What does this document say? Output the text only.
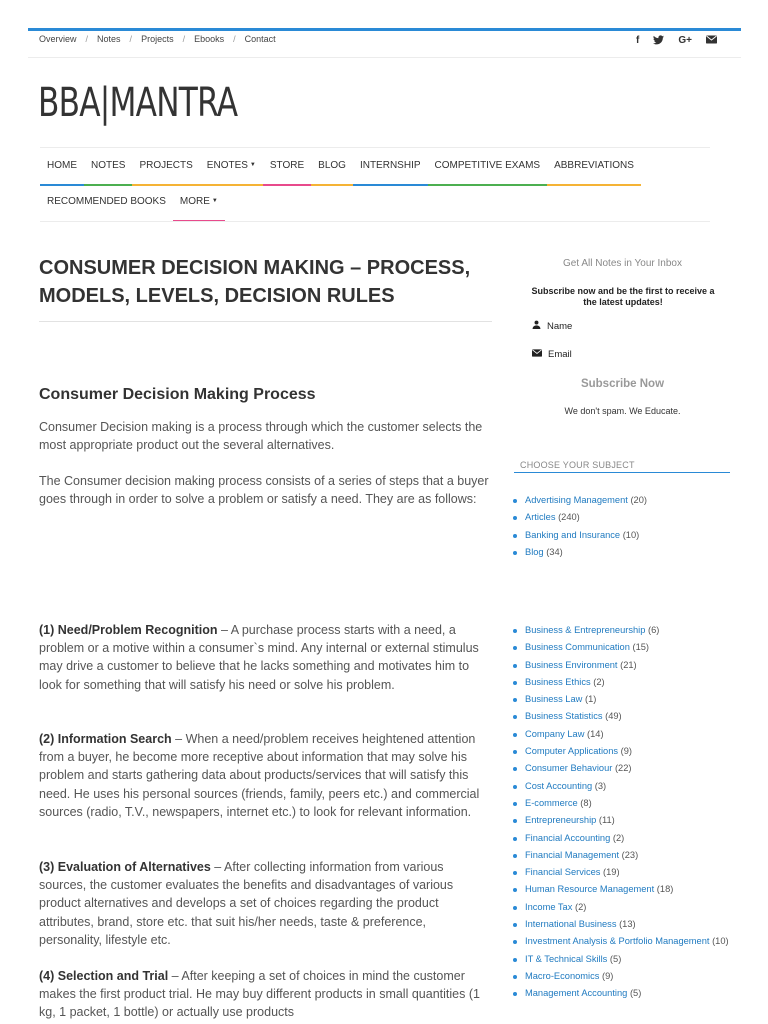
Overview / Notes / Projects / Ebooks / Contact	f	G+
BBA|MANTRA
HOME	NOTES	PROJECTS	ENOTES ▼	STORE	BLOG	INTERNSHIP	COMPETITIVE EXAMS	ABBREVIATIONS
RECOMMENDED BOOKS	MORE ▼
CONSUMER DECISION MAKING – PROCESS, MODELS, LEVELS, DECISION RULES
Consumer Decision Making Process

Consumer Decision making is a process through which the customer selects the most appropriate product out the several alternatives.

The Consumer decision making process consists of a series of steps that a buyer goes through in order to solve a problem or satisfy a need. They are as follows:

(1) Need/Problem Recognition – A purchase process starts with a need, a problem or a motive within a consumer`s mind. Any internal or external stimulus may drive a customer to believe that he lacks something and motivates him to look for something that will satisfy his need or solve his problem.

(2) Information Search – When a need/problem receives heightened attention from a buyer, he become more receptive about information that may solve his problem and starts gathering data about products/services that will satisfy this need. He uses his personal sources (friends, family, peers etc.) and commercial sources (radio, T.V., newspapers, internet etc.) to look for relevant information.

(3) Evaluation of Alternatives – After collecting information from various sources, the customer evaluates the benefits and disadvantages of various product alternatives and develops a set of choices regarding the product attributes, brand, store etc. that suit his/her needs, taste & preference, personality, lifestyle etc.

(4) Selection and Trial – After keeping a set of choices in mind the customer makes the first product trial. He may buy different products in small quantities (1 kg, 1 packet, 1 bottle) or actually use products

Get All Notes in Your Inbox
Subscribe now and be the first to receive a the latest updates!
Name
Email
Subscribe Now
We don't spam. We Educate.
CHOOSE YOUR SUBJECT
Advertising Management (20)
Articles (240)
Banking and Insurance (10)
Blog (34)
Business & Entrepreneurship (6)
Business Communication (15)
Business Environment (21)
Business Ethics (2)
Business Law (1)
Business Statistics (49)
Company Law (14)
Computer Applications (9)
Consumer Behaviour (22)
Cost Accounting (3)
E-commerce (8)
Entrepreneurship (11)
Financial Accounting (2)
Financial Management (23)
Financial Services (19)
Human Resource Management (18)
Income Tax (2)
International Business (13)
Investment Analysis & Portfolio Management (10)
IT & Technical Skills (5)
Macro-Economics (9)
Management Accounting (5)
